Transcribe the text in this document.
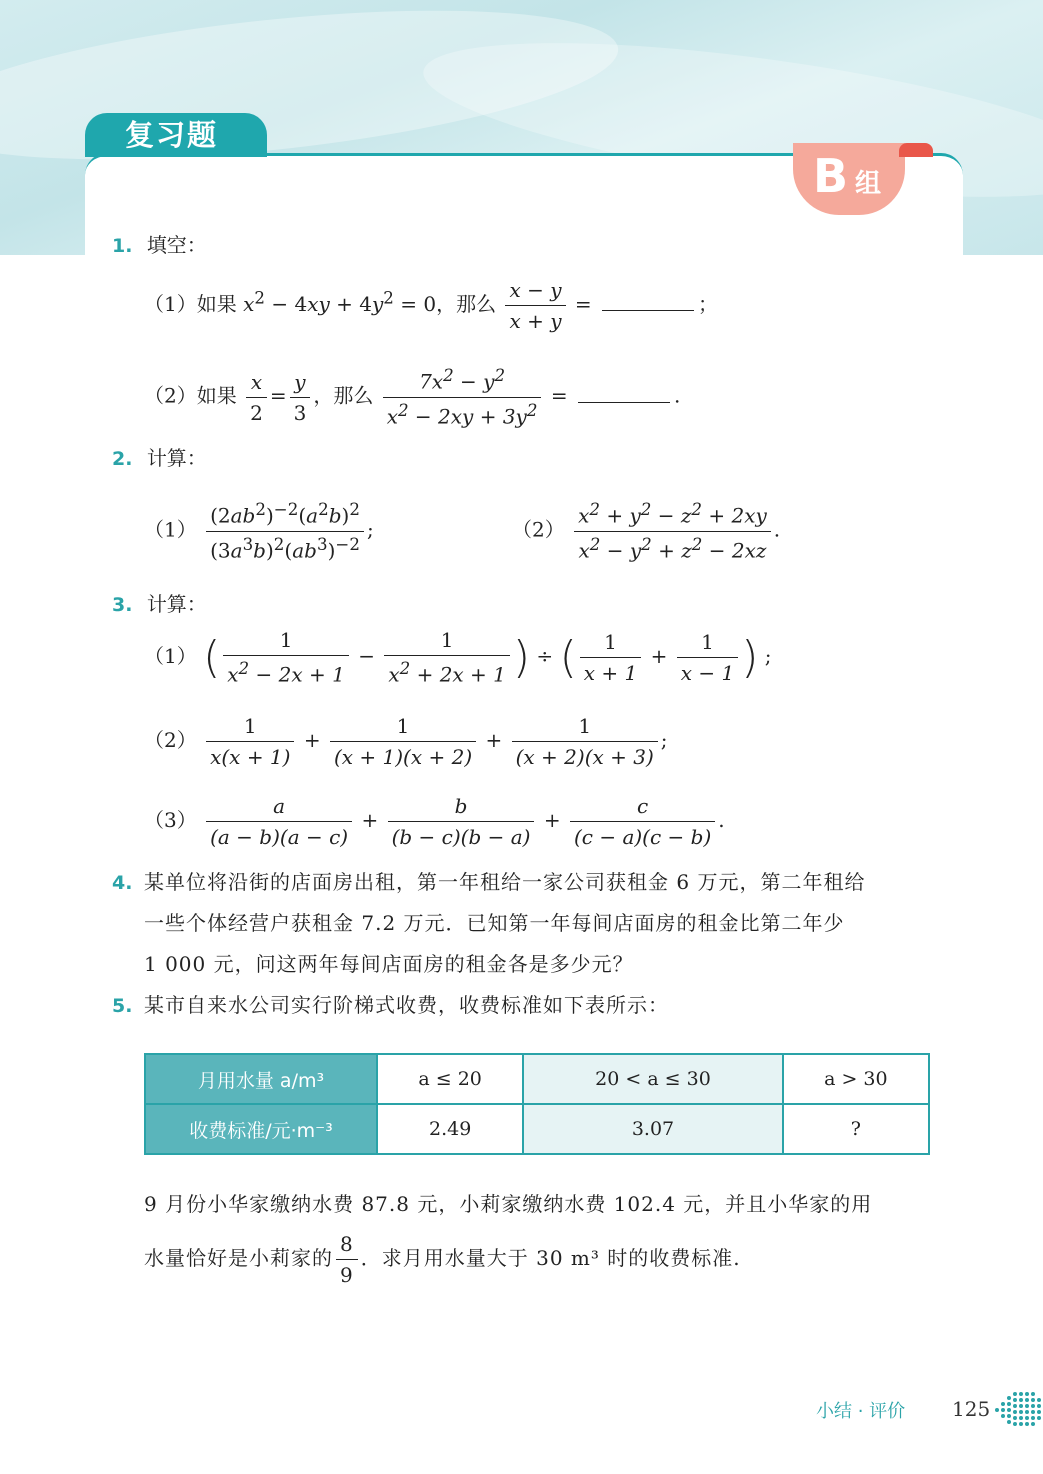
复习题
B 组
1. 填空：
（1）如果 $x^2 - 4xy + 4y^2 = 0$，那么 $\frac{x - y}{x + y}$ =	；
（2）如果 $\frac{x}{2} = \frac{y}{3}$ ，那么 $\frac{7x^2 - y^2}{x^2 - 2xy + 3y^2}$ =	.
2. 计算：
$(1) \frac{(2ab^2)^{-2}(a^2b)^2}{(3a^3b)^2(ab^3)^{-2}}$ ;	$(2) \frac{x^2 + y^2 - z^2 + 2xy}{x^2 - y^2 + z^2 - 2xz}$ .
3. 计算：
（1） ( $\frac{1}{x^2 - 2x + 1} - \frac{1}{x^2 + 2x + 1}$ ) ÷ ( $\frac{1}{x + 1} + \frac{1}{x - 1}$ ) ;
$(2) \frac{1}{x(x + 1)} + \frac{1}{(x + 1)(x + 2)} + \frac{1}{(x + 2)(x + 3)}$ ;
$(3) \frac{a}{(a - b)(a - c)} + \frac{b}{(b - c)(b - a)} + \frac{c}{(c - a)(c - b)}$ .
4. 某单位将沿街的店面房出租，第一年租给一家公司获租金 6 万元，第二年租给
一些个体经营户获租金 7.2 万元．已知第一年每间店面房的租金比第二年少
1 000 元，问这两年每间店面房的租金各是多少元？
5. 某市自来水公司实行阶梯式收费，收费标准如下表所示：
月用水量 a/m³	a ≤ 20	20 < a ≤ 30	a > 30
收费标准/元·m⁻³	2.49	3.07	?
9 月份小华家缴纳水费 87.8 元，小莉家缴纳水费 102.4 元，并且小华家的用
水量恰好是小莉家的 $\frac{8}{9}$ ．求月用水量大于 30 m³ 时的收费标准.
小结 · 评价 125
